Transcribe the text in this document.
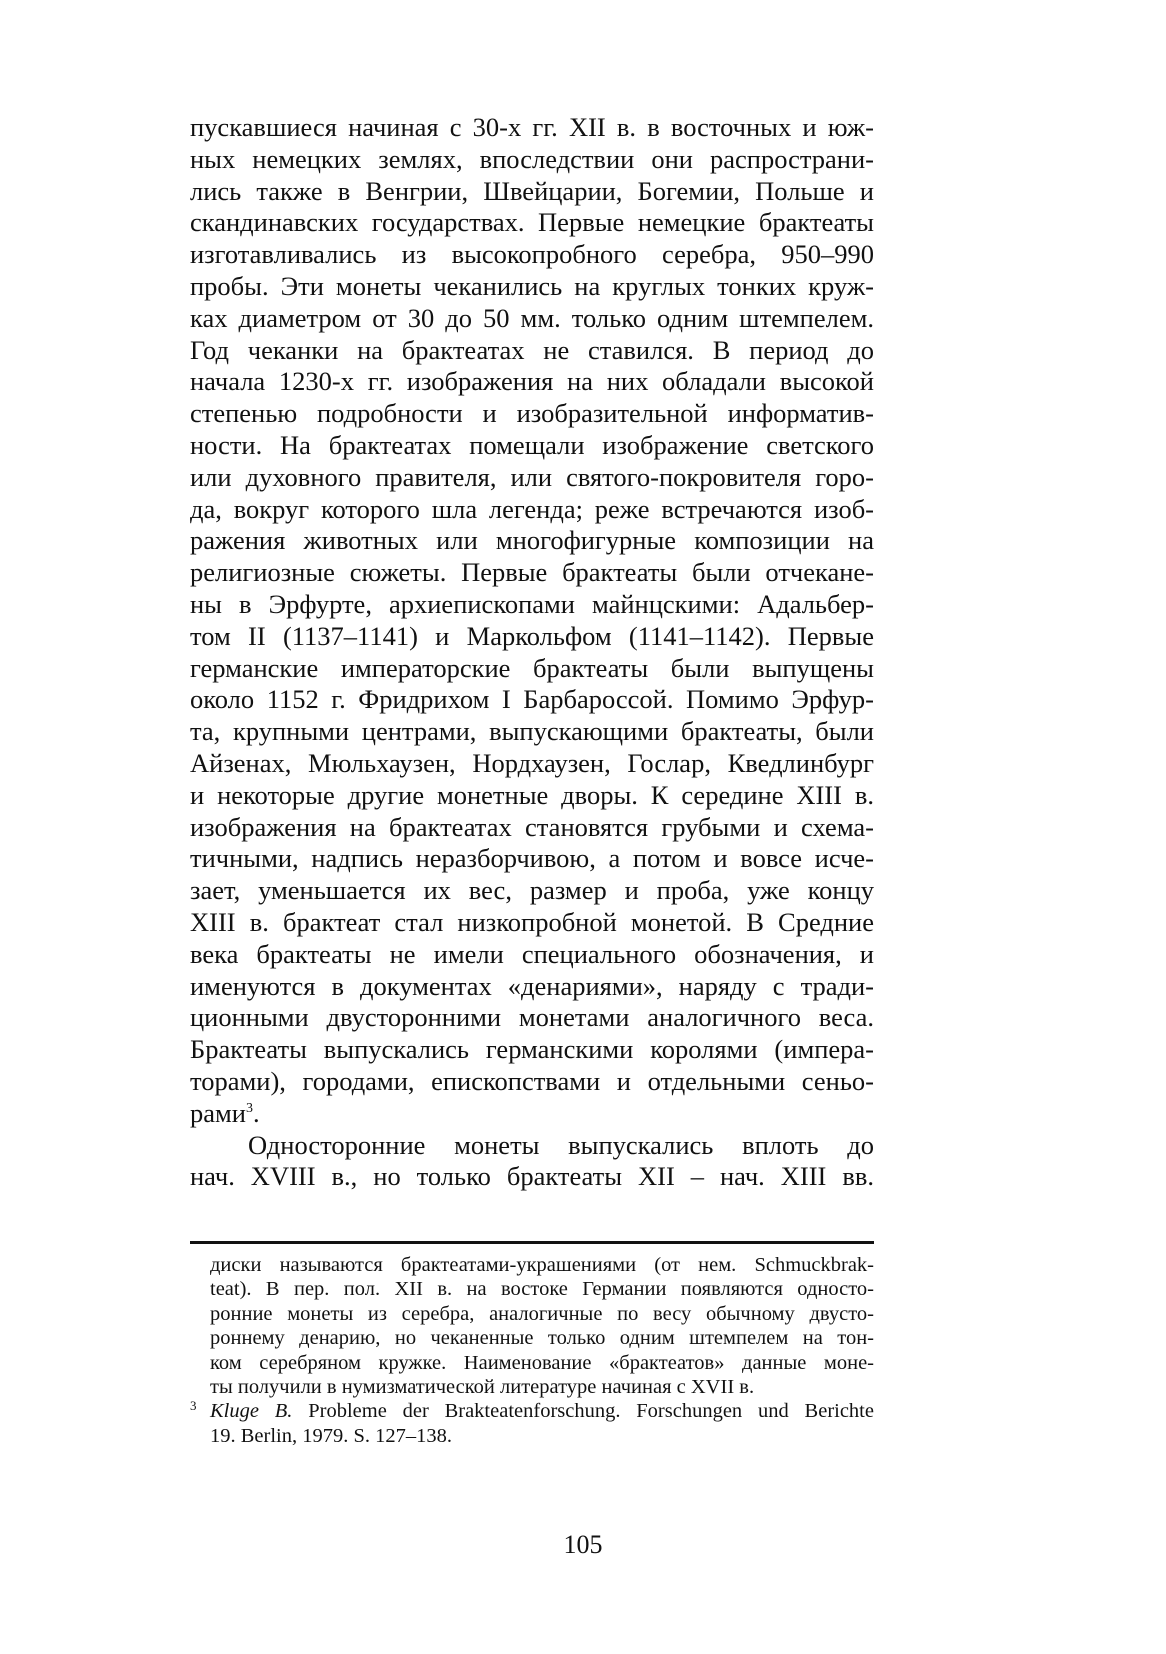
пускавшиеся начиная с 30-х гг. XII в. в восточных и юж-
ных немецких землях, впоследствии они распространи-
лись также в Венгрии, Швейцарии, Богемии, Польше и
скандинавских государствах. Первые немецкие брактеаты
изготавливались из высокопробного серебра, 950–990
пробы. Эти монеты чеканились на круглых тонких круж-
ках диаметром от 30 до 50 мм. только одним штемпелем.
Год чеканки на брактеатах не ставился. В период до
начала 1230-х гг. изображения на них обладали высокой
степенью подробности и изобразительной информатив-
ности. На брактеатах помещали изображение светского
или духовного правителя, или святого-покровителя горо-
да, вокруг которого шла легенда; реже встречаются изоб-
ражения животных или многофигурные композиции на
религиозные сюжеты. Первые брактеаты были отчекане-
ны в Эрфурте, архиепископами майнцскими: Адальбер-
том II (1137–1141) и Маркольфом (1141–1142). Первые
германские императорские брактеаты были выпущены
около 1152 г. Фридрихом I Барбароссой. Помимо Эрфур-
та, крупными центрами, выпускающими брактеаты, были
Айзенах, Мюльхаузен, Нордхаузен, Гослар, Кведлинбург
и некоторые другие монетные дворы. К середине XIII в.
изображения на брактеатах становятся грубыми и схема-
тичными, надпись неразборчивою, а потом и вовсе исче-
зает, уменьшается их вес, размер и проба, уже концу
XIII в. брактеат стал низкопробной монетой. В Средние
века брактеаты не имели специального обозначения, и
именуются в документах «денариями», наряду с тради-
ционными двусторонними монетами аналогичного веса.
Брактеаты выпускались германскими королями (импера-
торами), городами, епископствами и отдельными сеньо-
рами$^3$.
Односторонние монеты выпускались вплоть до
нач. XVIII в., но только брактеаты XII – нач. XIII вв.
диски называются брактеатами-украшениями (от нем. Schmuckbrak-
teat). В пер. пол. XII в. на востоке Германии появляются односто-
ронние монеты из серебра, аналогичные по весу обычному двусто-
роннему денарию, но чеканенные только одним штемпелем на тон-
ком серебряном кружке. Наименование «брактеатов» данные моне-
ты получили в нумизматической литературе начиная с XVII в.
3 Kluge B. Probleme der Brakteatenforschung. Forschungen und Berichte
19. Berlin, 1979. S. 127–138.
105
